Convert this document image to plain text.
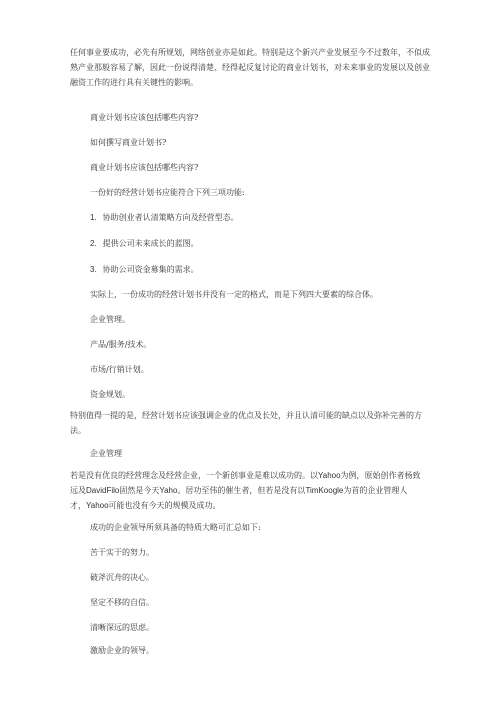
任何事业要成功，必先有所规划，网络创业亦是如此。特别是这个新兴产业发展至今不过数年，不似成
熟产业那般容易了解，因此一份说得清楚、经得起反复讨论的商业计划书，对未来事业的发展以及创业
融资工作的进行具有关键性的影响。
商业计划书应该包括哪些内容?
如何撰写商业计划书?
商业计划书应该包括哪些内容?
一份好的经营计划书应能符合下列三项功能:
1. 协助创业者认清策略方向及经营型态。
2. 提供公司未来成长的蓝图。
3. 协助公司资金募集的需求。
实际上，一份成功的经营计划书并没有一定的格式，而是下列四大要素的综合体。
企业管理。
产品/服务/技术。
市场/行销计划。
资金规划。
特别值得一提的是，经营计划书应该强调企业的优点及长处，并且认清可能的缺点以及弥补完善的方
法。
企业管理
若是没有优良的经营理念及经营企业，一个新创事业是难以成功的。以Yahoo为例，原始创作者杨致
远及DavidFilo固然是今天Yaho。居功至伟的催生者，但若是没有以TimKoogle为首的企业管理人
才，Yahoo可能也没有今天的规模及成功。
成功的企业领导所须具备的特质大略可汇总如下:
苦干实干的努力。
破斧沉舟的决心。
坚定不移的自信。
清晰深远的思虑。
激励企业的领导。
